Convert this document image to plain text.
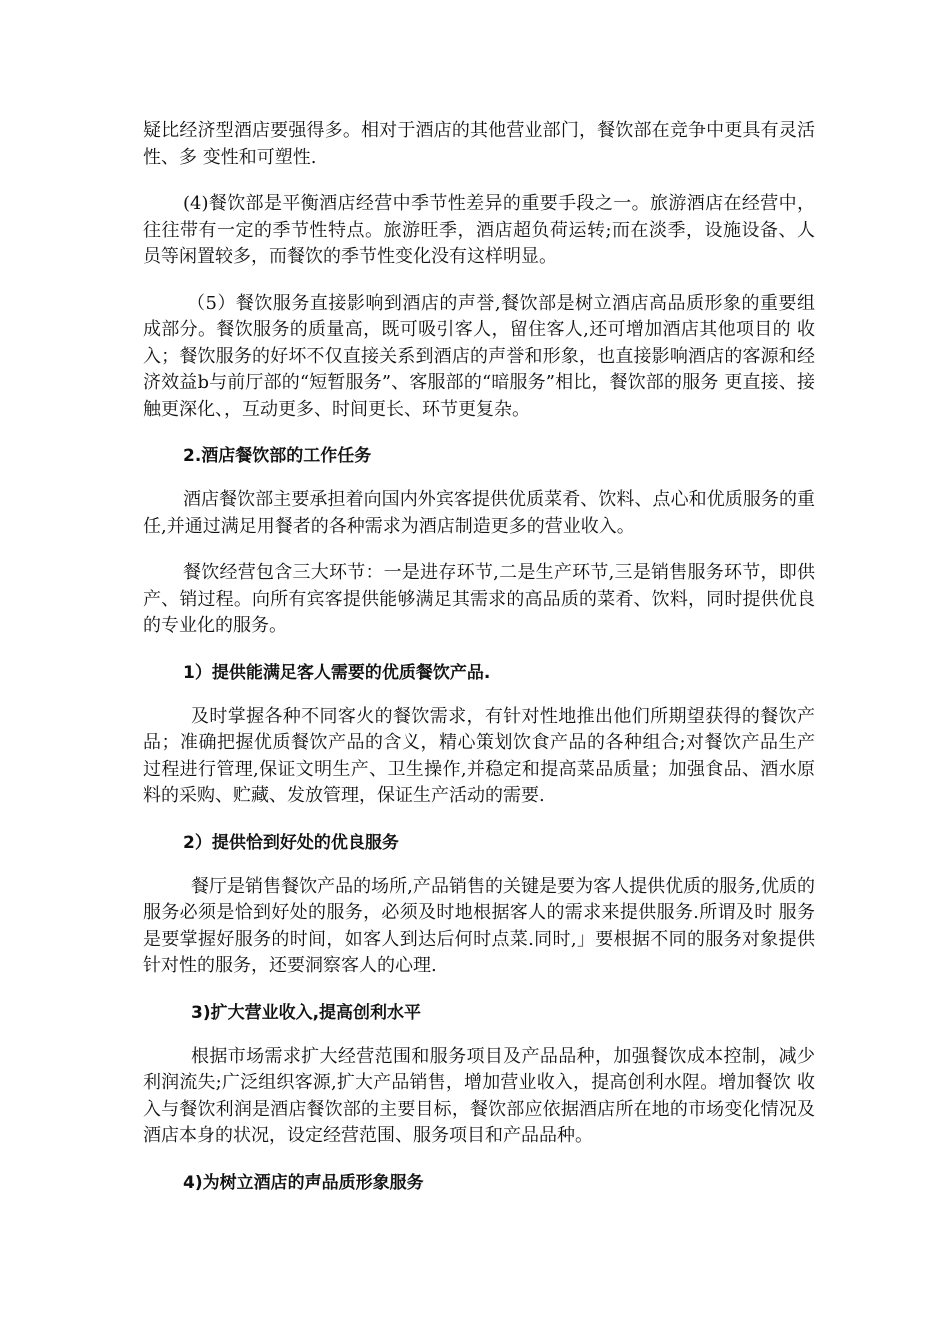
疑比经济型酒店要强得多。相对于酒店的其他营业部门，餐饮部在竞争中更具有灵活性、多 变性和可塑性.

(4)餐饮部是平衡酒店经营中季节性差异的重要手段之一。旅游酒店在经营中，往往带有一定的季节性特点。旅游旺季，酒店超负荷运转;而在淡季，设施设备、人员等闲置较多，而餐饮的季节性变化没有这样明显。

（5）餐饮服务直接影响到酒店的声誉,餐饮部是树立酒店高品质形象的重要组成部分。餐饮服务的质量高，既可吸引客人，留住客人,还可增加酒店其他项目的 收入；餐饮服务的好坏不仅直接关系到酒店的声誉和形象，也直接影响酒店的客源和经济效益b与前厅部的“短暂服务”、客服部的“暗服务”相比，餐饮部的服务 更直接、接触更深化、，互动更多、时间更长、环节更复杂。

2.酒店餐饮部的工作任务

酒店餐饮部主要承担着向国内外宾客提供优质菜肴、饮料、点心和优质服务的重任,并通过满足用餐者的各种需求为酒店制造更多的营业收入。

餐饮经营包含三大环节：一是进存环节,二是生产环节,三是销售服务环节，即供产、销过程。向所有宾客提供能够满足其需求的高品质的菜肴、饮料，同时提供优良的专业化的服务。

1）提供能满足客人需要的优质餐饮产品.

及时掌握各种不同客火的餐饮需求，有针对性地推出他们所期望获得的餐饮产品；准确把握优质餐饮产品的含义，精心策划饮食产品的各种组合;对餐饮产品生产 过程进行管理,保证文明生产、卫生操作,并稳定和提高菜品质量；加强食品、酒水原料的采购、贮藏、发放管理，保证生产活动的需要.

2）提供恰到好处的优良服务

餐厅是销售餐饮产品的场所,产品销售的关键是要为客人提供优质的服务,优质的服务必须是恰到好处的服务，必须及时地根据客人的需求来提供服务.所谓及时 服务是要掌握好服务的时间，如客人到达后何时点菜.同时,」要根据不同的服务对象提供针对性的服务，还要洞察客人的心理.

3)扩大营业收入,提高创利水平

根据市场需求扩大经营范围和服务项目及产品品种，加强餐饮成本控制，减少利润流失;广泛组织客源,扩大产品销售，增加营业收入，提高创利水陧。增加餐饮 收入与餐饮利润是酒店餐饮部的主要目标，餐饮部应依据酒店所在地的市场变化情况及酒店本身的状况，设定经营范围、服务项目和产品品种。

4)为树立酒店的声品质形象服务
